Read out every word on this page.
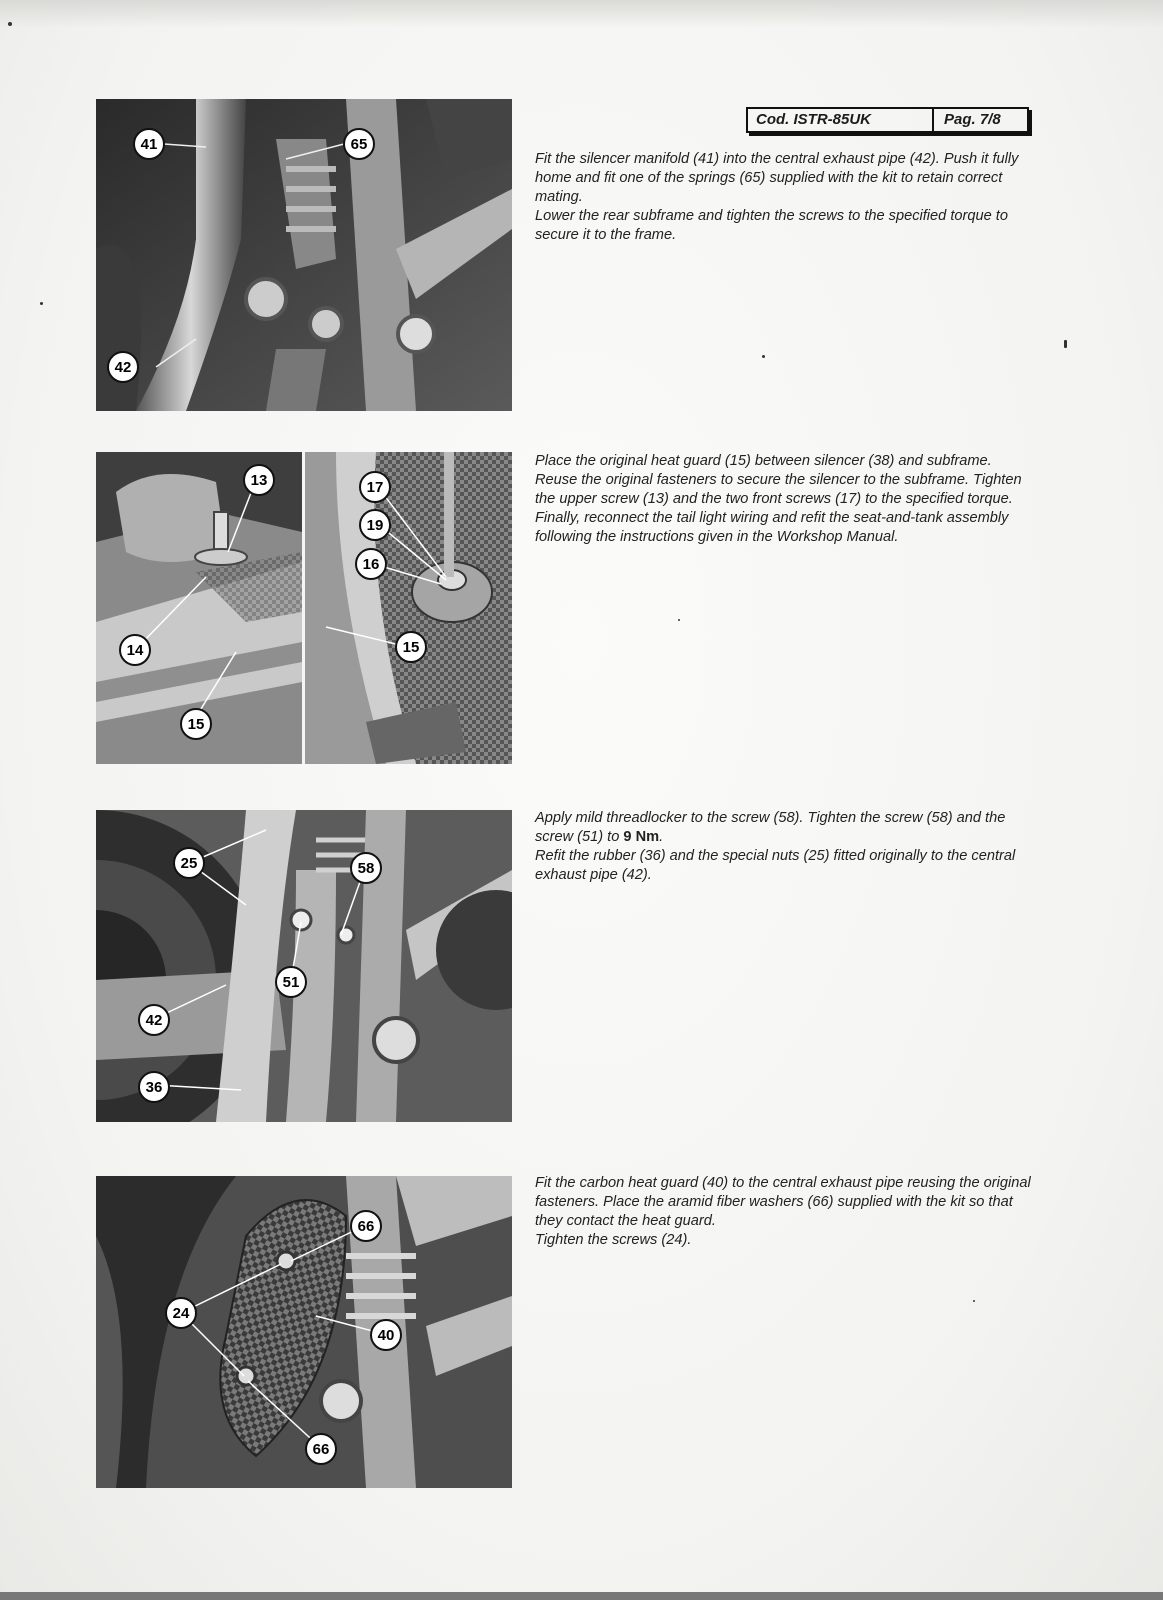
Cod. ISTR-85UK	Pag. 7/8
41	65
42

Fit the silencer manifold (41) into the central exhaust pipe (42). Push it fully home and fit one of the springs (65) supplied with the kit to retain correct mating.

Lower the rear subframe and tighten the screws to the specified torque to secure it to the frame.

13
14
15
17
19
16
15

Place the original heat guard (15) between silencer (38) and subframe. Reuse the original fasteners to secure the silencer to the subframe. Tighten the upper screw (13) and the two front screws (17) to the specified torque.

Finally, reconnect the tail light wiring and refit the seat-and-tank assembly following the instructions given in the Workshop Manual.

25	58
51
42
36

Apply mild threadlocker to the screw (58). Tighten the screw (58) and the screw (51) to 9 Nm.

Refit the rubber (36) and the special nuts (25) fitted originally to the central exhaust pipe (42).

66
24
40
66

Fit the carbon heat guard (40) to the central exhaust pipe reusing the original fasteners. Place the aramid fiber washers (66) supplied with the kit so that they contact the heat guard.

Tighten the screws (24).
